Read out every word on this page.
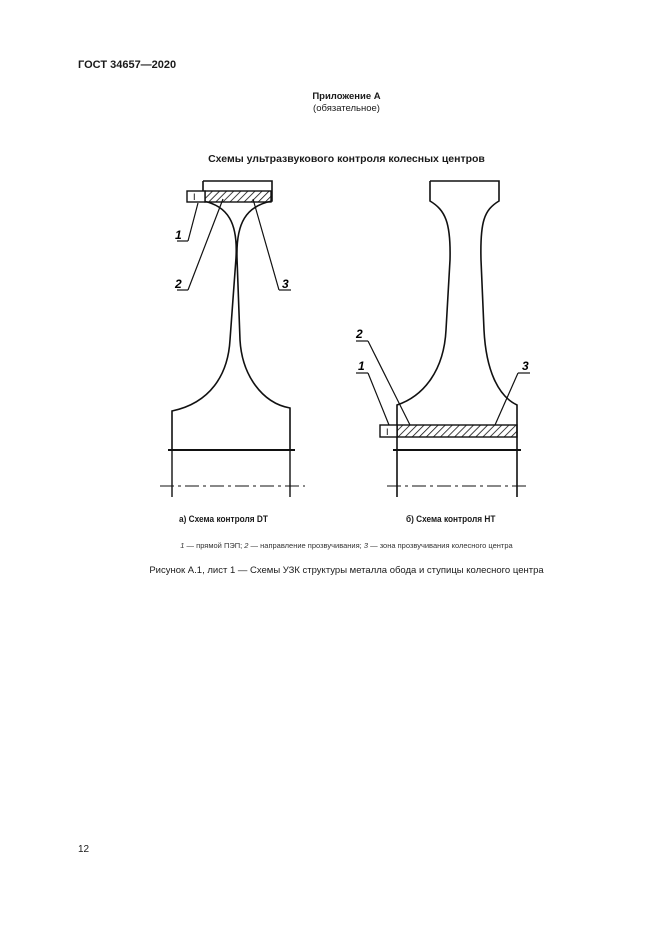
ГОСТ 34657—2020
Приложение А
(обязательное)
Схемы ультразвукового контроля колесных центров
I
1
2	3
I
2
1	3
а) Схема контроля DT	б) Схема контроля HT
1 — прямой ПЭП; 2 — направление прозвучивания; 3 — зона прозвучивания колесного центра
Рисунок А.1, лист 1 — Схемы УЗК структуры металла обода и ступицы колесного центра
12
